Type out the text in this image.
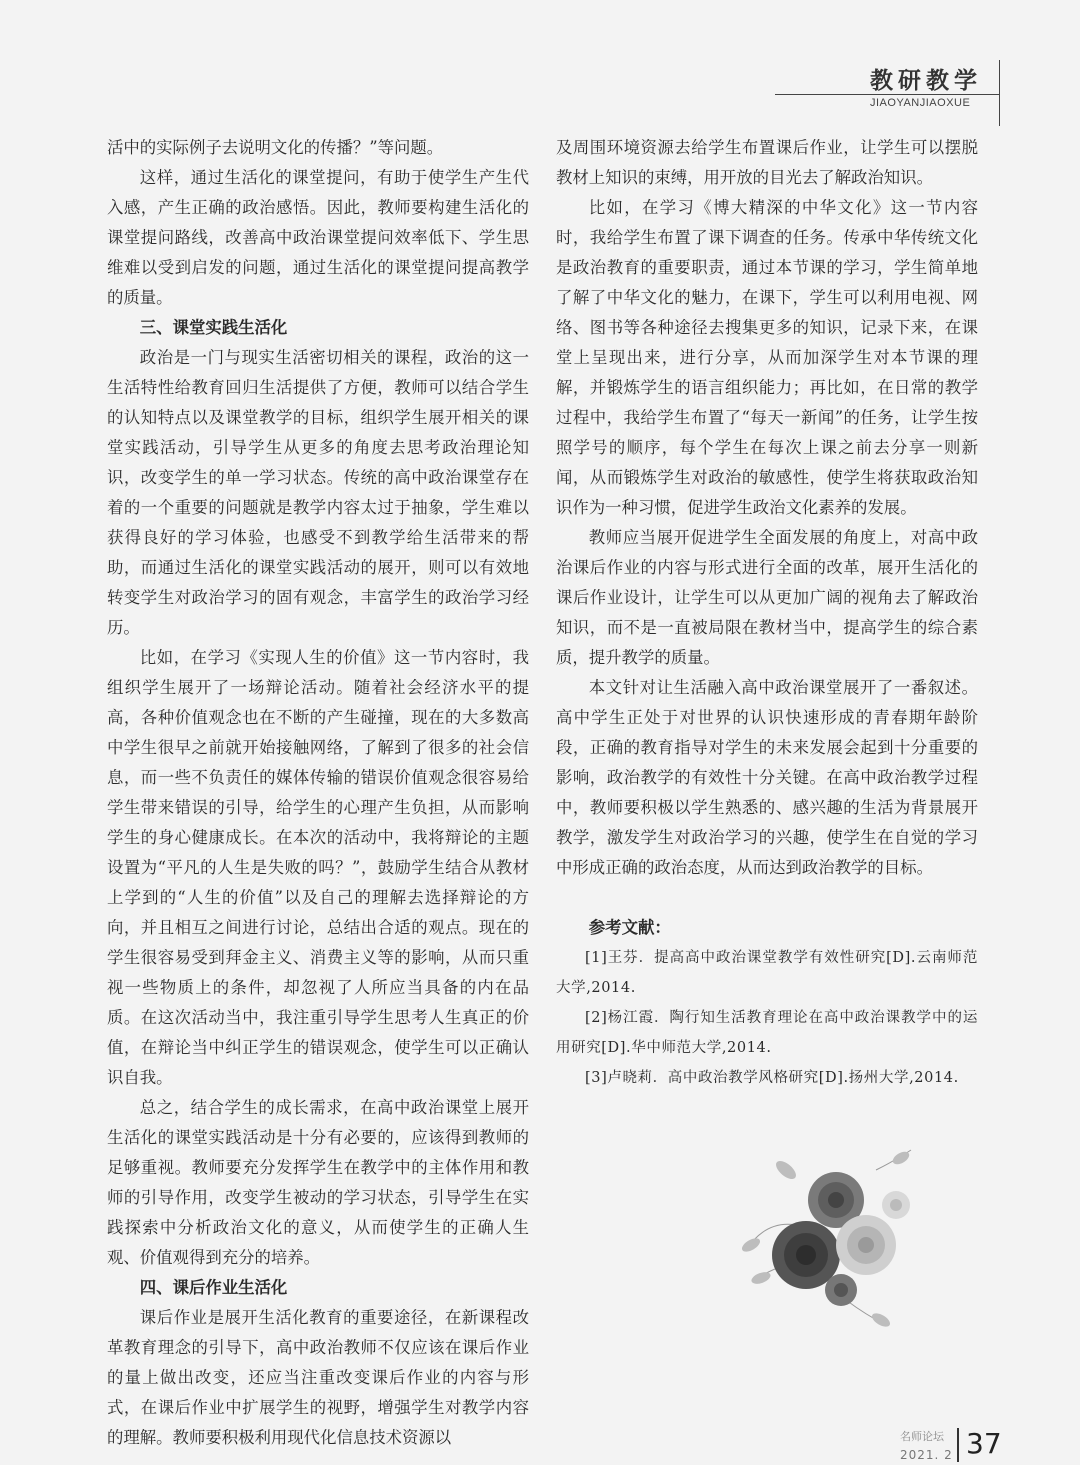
教研教学
JIAOYANJIAOXUE

活中的实际例子去说明文化的传播？”等问题。

这样，通过生活化的课堂提问，有助于使学生产生代入感，产生正确的政治感悟。因此，教师要构建生活化的课堂提问路线，改善高中政治课堂提问效率低下、学生思维难以受到启发的问题，通过生活化的课堂提问提高教学的质量。

三、课堂实践生活化

政治是一门与现实生活密切相关的课程，政治的这一生活特性给教育回归生活提供了方便，教师可以结合学生的认知特点以及课堂教学的目标，组织学生展开相关的课堂实践活动，引导学生从更多的角度去思考政治理论知识，改变学生的单一学习状态。传统的高中政治课堂存在着的一个重要的问题就是教学内容太过于抽象，学生难以获得良好的学习体验，也感受不到教学给生活带来的帮助，而通过生活化的课堂实践活动的展开，则可以有效地转变学生对政治学习的固有观念，丰富学生的政治学习经历。

比如，在学习《实现人生的价值》这一节内容时，我组织学生展开了一场辩论活动。随着社会经济水平的提高，各种价值观念也在不断的产生碰撞，现在的大多数高中学生很早之前就开始接触网络，了解到了很多的社会信息，而一些不负责任的媒体传输的错误价值观念很容易给学生带来错误的引导，给学生的心理产生负担，从而影响学生的身心健康成长。在本次的活动中，我将辩论的主题设置为“平凡的人生是失败的吗？”，鼓励学生结合从教材上学到的“人生的价值”以及自己的理解去选择辩论的方向，并且相互之间进行讨论，总结出合适的观点。现在的学生很容易受到拜金主义、消费主义等的影响，从而只重视一些物质上的条件，却忽视了人所应当具备的内在品质。在这次活动当中，我注重引导学生思考人生真正的价值，在辩论当中纠正学生的错误观念，使学生可以正确认识自我。

总之，结合学生的成长需求，在高中政治课堂上展开生活化的课堂实践活动是十分有必要的，应该得到教师的足够重视。教师要充分发挥学生在教学中的主体作用和教师的引导作用，改变学生被动的学习状态，引导学生在实践探索中分析政治文化的意义，从而使学生的正确人生观、价值观得到充分的培养。

四、课后作业生活化

课后作业是展开生活化教育的重要途径，在新课程改革教育理念的引导下，高中政治教师不仅应该在课后作业的量上做出改变，还应当注重改变课后作业的内容与形式，在课后作业中扩展学生的视野，增强学生对教学内容的理解。教师要积极利用现代化信息技术资源以

及周围环境资源去给学生布置课后作业，让学生可以摆脱教材上知识的束缚，用开放的目光去了解政治知识。

比如，在学习《博大精深的中华文化》这一节内容时，我给学生布置了课下调查的任务。传承中华传统文化是政治教育的重要职责，通过本节课的学习，学生简单地了解了中华文化的魅力，在课下，学生可以利用电视、网络、图书等各种途径去搜集更多的知识，记录下来，在课堂上呈现出来，进行分享，从而加深学生对本节课的理解，并锻炼学生的语言组织能力；再比如，在日常的教学过程中，我给学生布置了“每天一新闻”的任务，让学生按照学号的顺序，每个学生在每次上课之前去分享一则新闻，从而锻炼学生对政治的敏感性，使学生将获取政治知识作为一种习惯，促进学生政治文化素养的发展。

教师应当展开促进学生全面发展的角度上，对高中政治课后作业的内容与形式进行全面的改革，展开生活化的课后作业设计，让学生可以从更加广阔的视角去了解政治知识，而不是一直被局限在教材当中，提高学生的综合素质，提升教学的质量。

本文针对让生活融入高中政治课堂展开了一番叙述。高中学生正处于对世界的认识快速形成的青春期年龄阶段，正确的教育指导对学生的未来发展会起到十分重要的影响，政治教学的有效性十分关键。在高中政治教学过程中，教师要积极以学生熟悉的、感兴趣的生活为背景展开教学，激发学生对政治学习的兴趣，使学生在自觉的学习中形成正确的政治态度，从而达到政治教学的目标。

参考文献：

[1]王芬．提高高中政治课堂教学有效性研究[D].云南师范大学,2014.

[2]杨江霞．陶行知生活教育理论在高中政治课教学中的运用研究[D].华中师范大学,2014.

[3]卢晓莉．高中政治教学风格研究[D].扬州大学,2014.

名师论坛
2021. 2 37
